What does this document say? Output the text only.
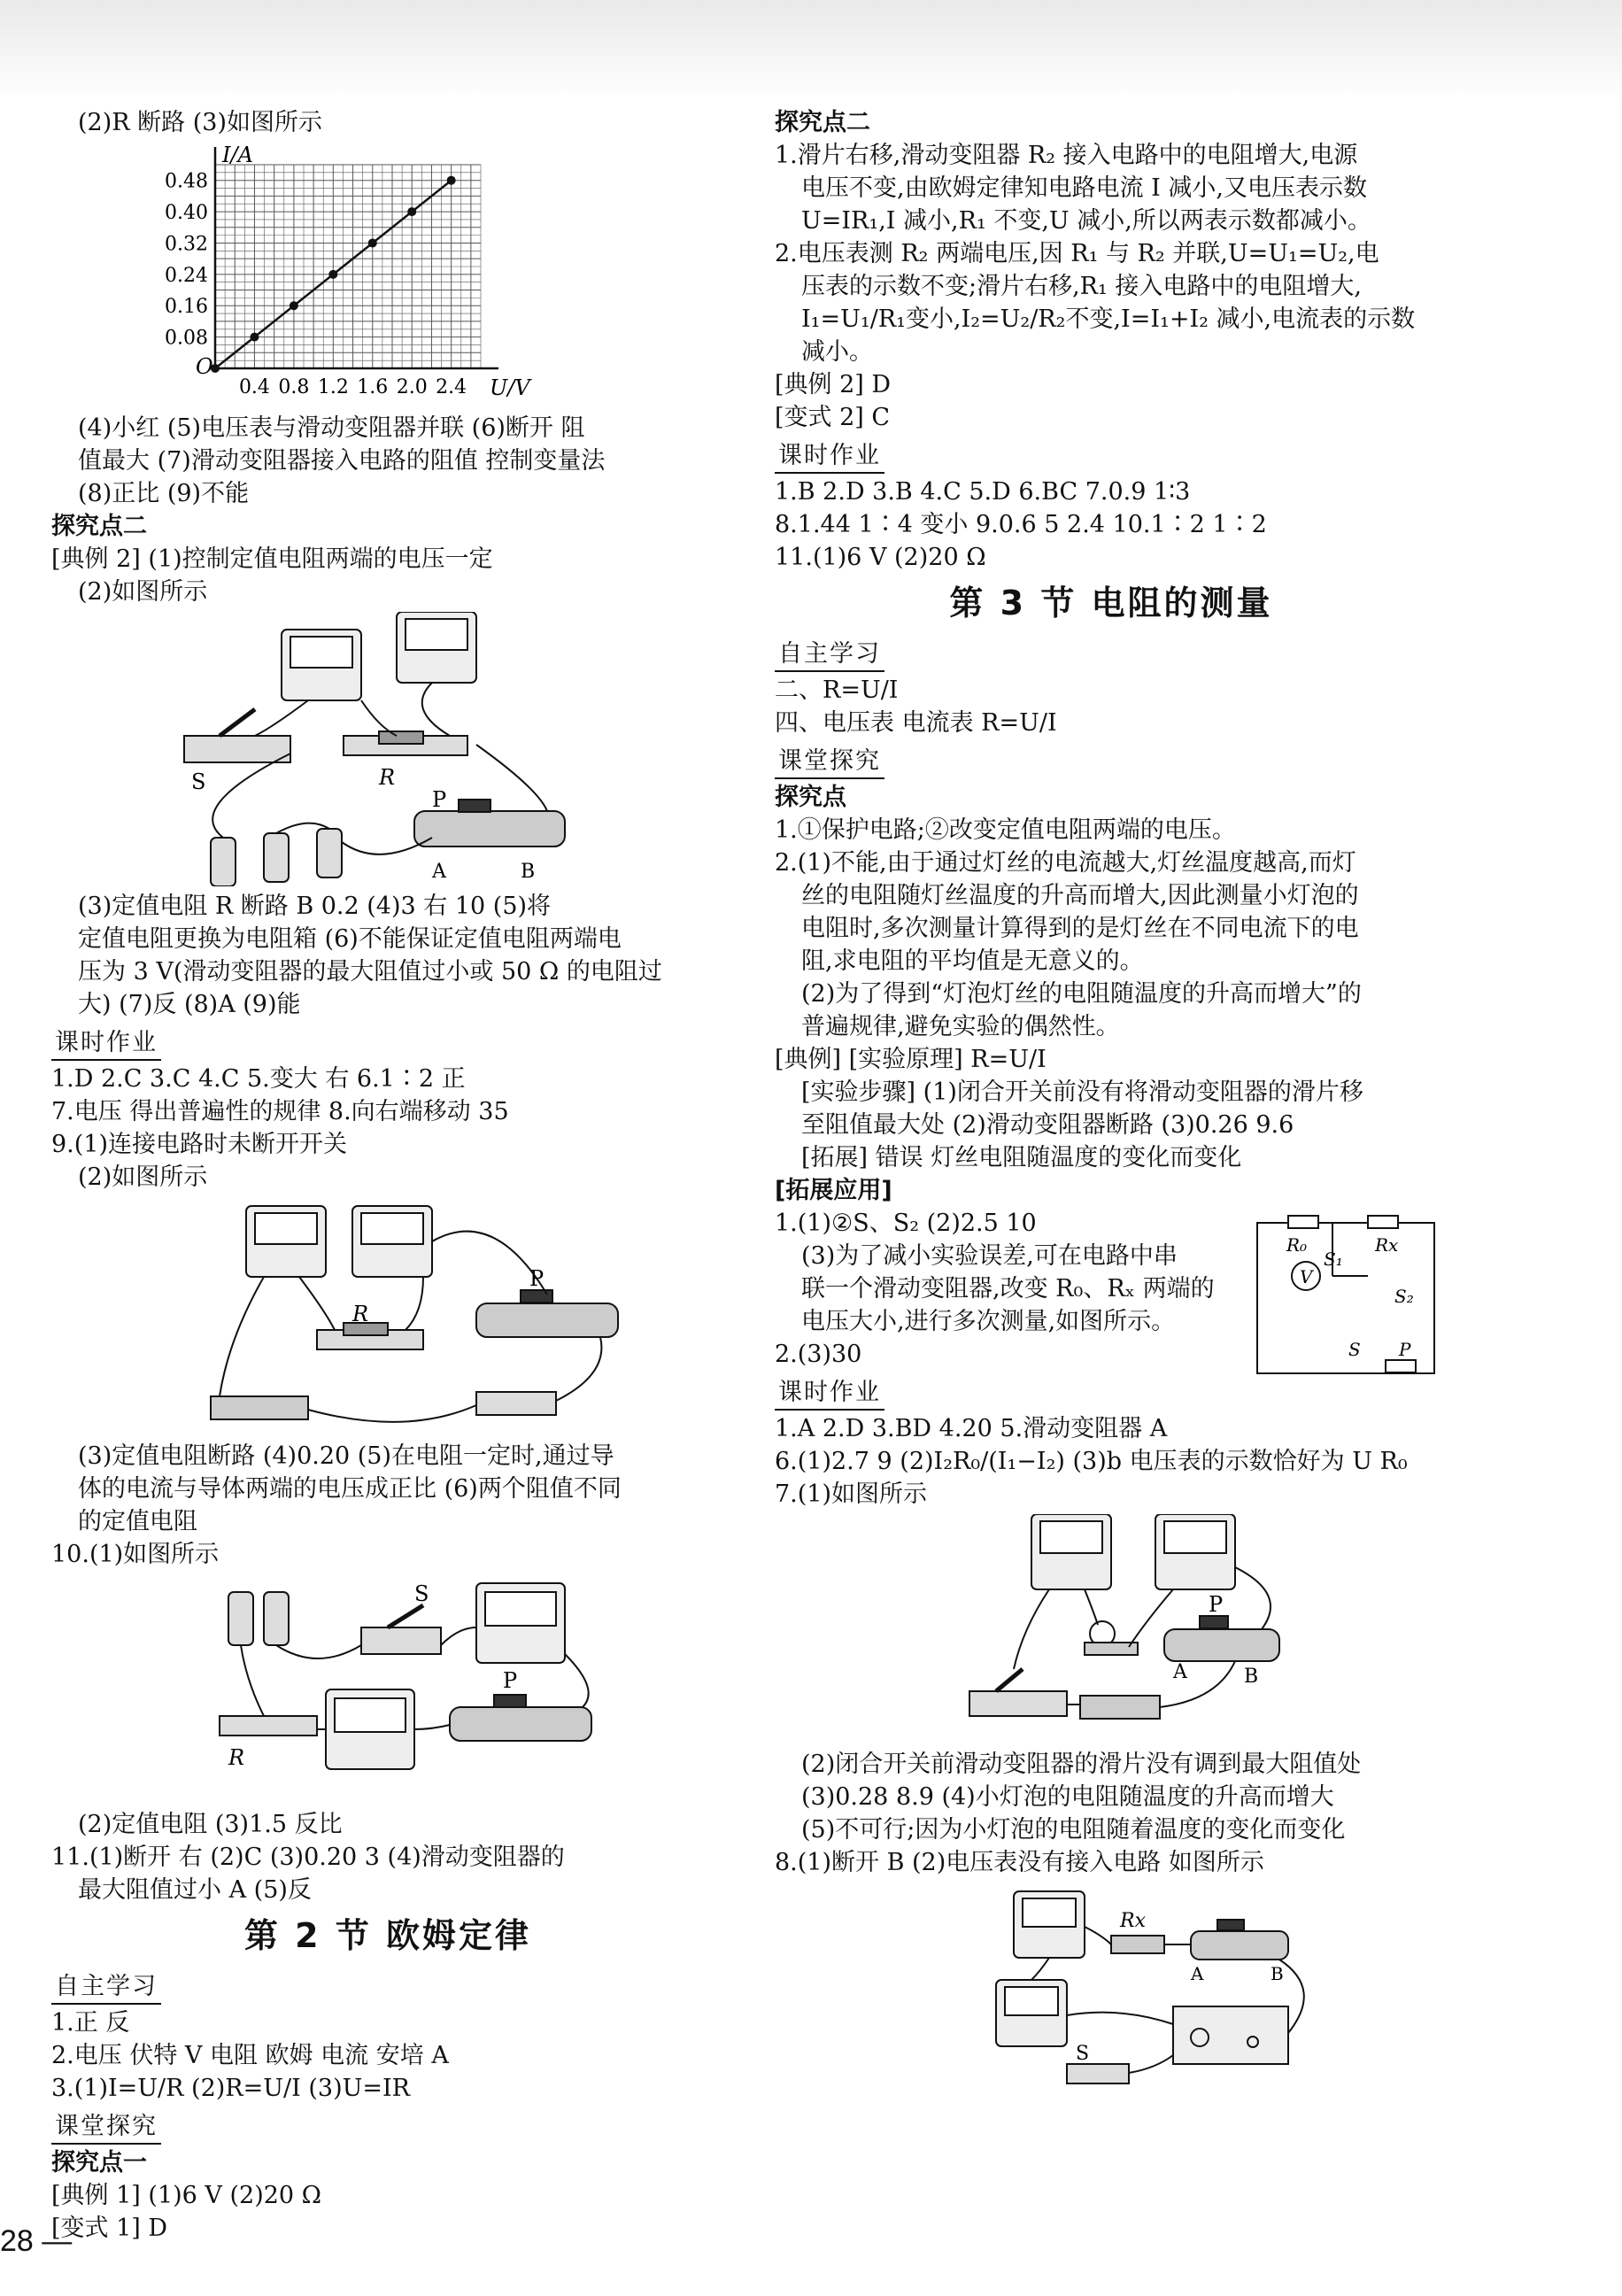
(2)R 断路 (3)如图所示
0.08
0.16
0.24
0.32
0.40
0.48
0.4 0.8 1.2 1.6 2.0 2.4
O
I/A
U/V
(4)小红 (5)电压表与滑动变阻器并联 (6)断开 阻
值最大 (7)滑动变阻器接入电路的阻值 控制变量法
(8)正比 (9)不能
探究点二
[典例 2] (1)控制定值电阻两端的电压一定
(2)如图所示
S	R
P
A	B
(3)定值电阻 R 断路 B 0.2 (4)3 右 10 (5)将
定值电阻更换为电阻箱 (6)不能保证定值电阻两端电
压为 3 V(滑动变阻器的最大阻值过小或 50 Ω 的电阻过
大) (7)反 (8)A (9)能
课时作业
1.D 2.C 3.C 4.C 5.变大 右 6.1∶2 正
7.电压 得出普遍性的规律 8.向右端移动 35
9.(1)连接电路时未断开开关
(2)如图所示
R
P
(3)定值电阻断路 (4)0.20 (5)在电阻一定时,通过导
体的电流与导体两端的电压成正比 (6)两个阻值不同
的定值电阻
10.(1)如图所示
S
R
P
(2)定值电阻 (3)1.5 反比
11.(1)断开 右 (2)C (3)0.20 3 (4)滑动变阻器的
最大阻值过小 A (5)反
第 2 节 欧姆定律
自主学习
1.正 反
2.电压 伏特 V 电阻 欧姆 电流 安培 A
3.(1)I=U/R (2)R=U/I (3)U=IR
课堂探究
探究点一
[典例 1] (1)6 V (2)20 Ω
[变式 1] D
探究点二
1.滑片右移,滑动变阻器 R₂ 接入电路中的电阻增大,电源
电压不变,由欧姆定律知电路电流 I 减小,又电压表示数
U=IR₁,I 减小,R₁ 不变,U 减小,所以两表示数都减小。
2.电压表测 R₂ 两端电压,因 R₁ 与 R₂ 并联,U=U₁=U₂,电
压表的示数不变;滑片右移,R₁ 接入电路中的电阻增大,
I₁=U₁/R₁变小,I₂=U₂/R₂不变,I=I₁+I₂ 减小,电流表的示数
减小。
[典例 2] D
[变式 2] C
课时作业
1.B 2.D 3.B 4.C 5.D 6.BC 7.0.9 1∶3
8.1.44 1∶4 变小 9.0.6 5 2.4 10.1∶2 1∶2
11.(1)6 V (2)20 Ω
第 3 节 电阻的测量
自主学习
二、R=U/I
四、电压表 电流表 R=U/I
课堂探究
探究点
1.①保护电路;②改变定值电阻两端的电压。
2.(1)不能,由于通过灯丝的电流越大,灯丝温度越高,而灯
丝的电阻随灯丝温度的升高而增大,因此测量小灯泡的
电阻时,多次测量计算得到的是灯丝在不同电流下的电
阻,求电阻的平均值是无意义的。
(2)为了得到“灯泡灯丝的电阻随温度的升高而增大”的
普遍规律,避免实验的偶然性。
[典例] [实验原理] R=U/I
[实验步骤] (1)闭合开关前没有将滑动变阻器的滑片移
至阻值最大处 (2)滑动变阻器断路 (3)0.26 9.6
[拓展] 错误 灯丝电阻随温度的变化而变化
[拓展应用]
1.(1)②S、S₂ (2)2.5 10
(3)为了减小实验误差,可在电路中串
联一个滑动变阻器,改变 R₀、Rₓ 两端的
电压大小,进行多次测量,如图所示。
2.(3)30
课时作业
1.A 2.D 3.BD 4.20 5.滑动变阻器 A
6.(1)2.7 9 (2)I₂R₀/(I₁−I₂) (3)b 电压表的示数恰好为 U R₀
7.(1)如图所示
P
A	B
(2)闭合开关前滑动变阻器的滑片没有调到最大阻值处
(3)0.28 8.9 (4)小灯泡的电阻随温度的升高而增大
(5)不可行;因为小灯泡的电阻随着温度的变化而变化
8.(1)断开 B (2)电压表没有接入电路 如图所示
Rx
S
A	B
R₀	Rx
S₁
S₂
V
S P
28 —
